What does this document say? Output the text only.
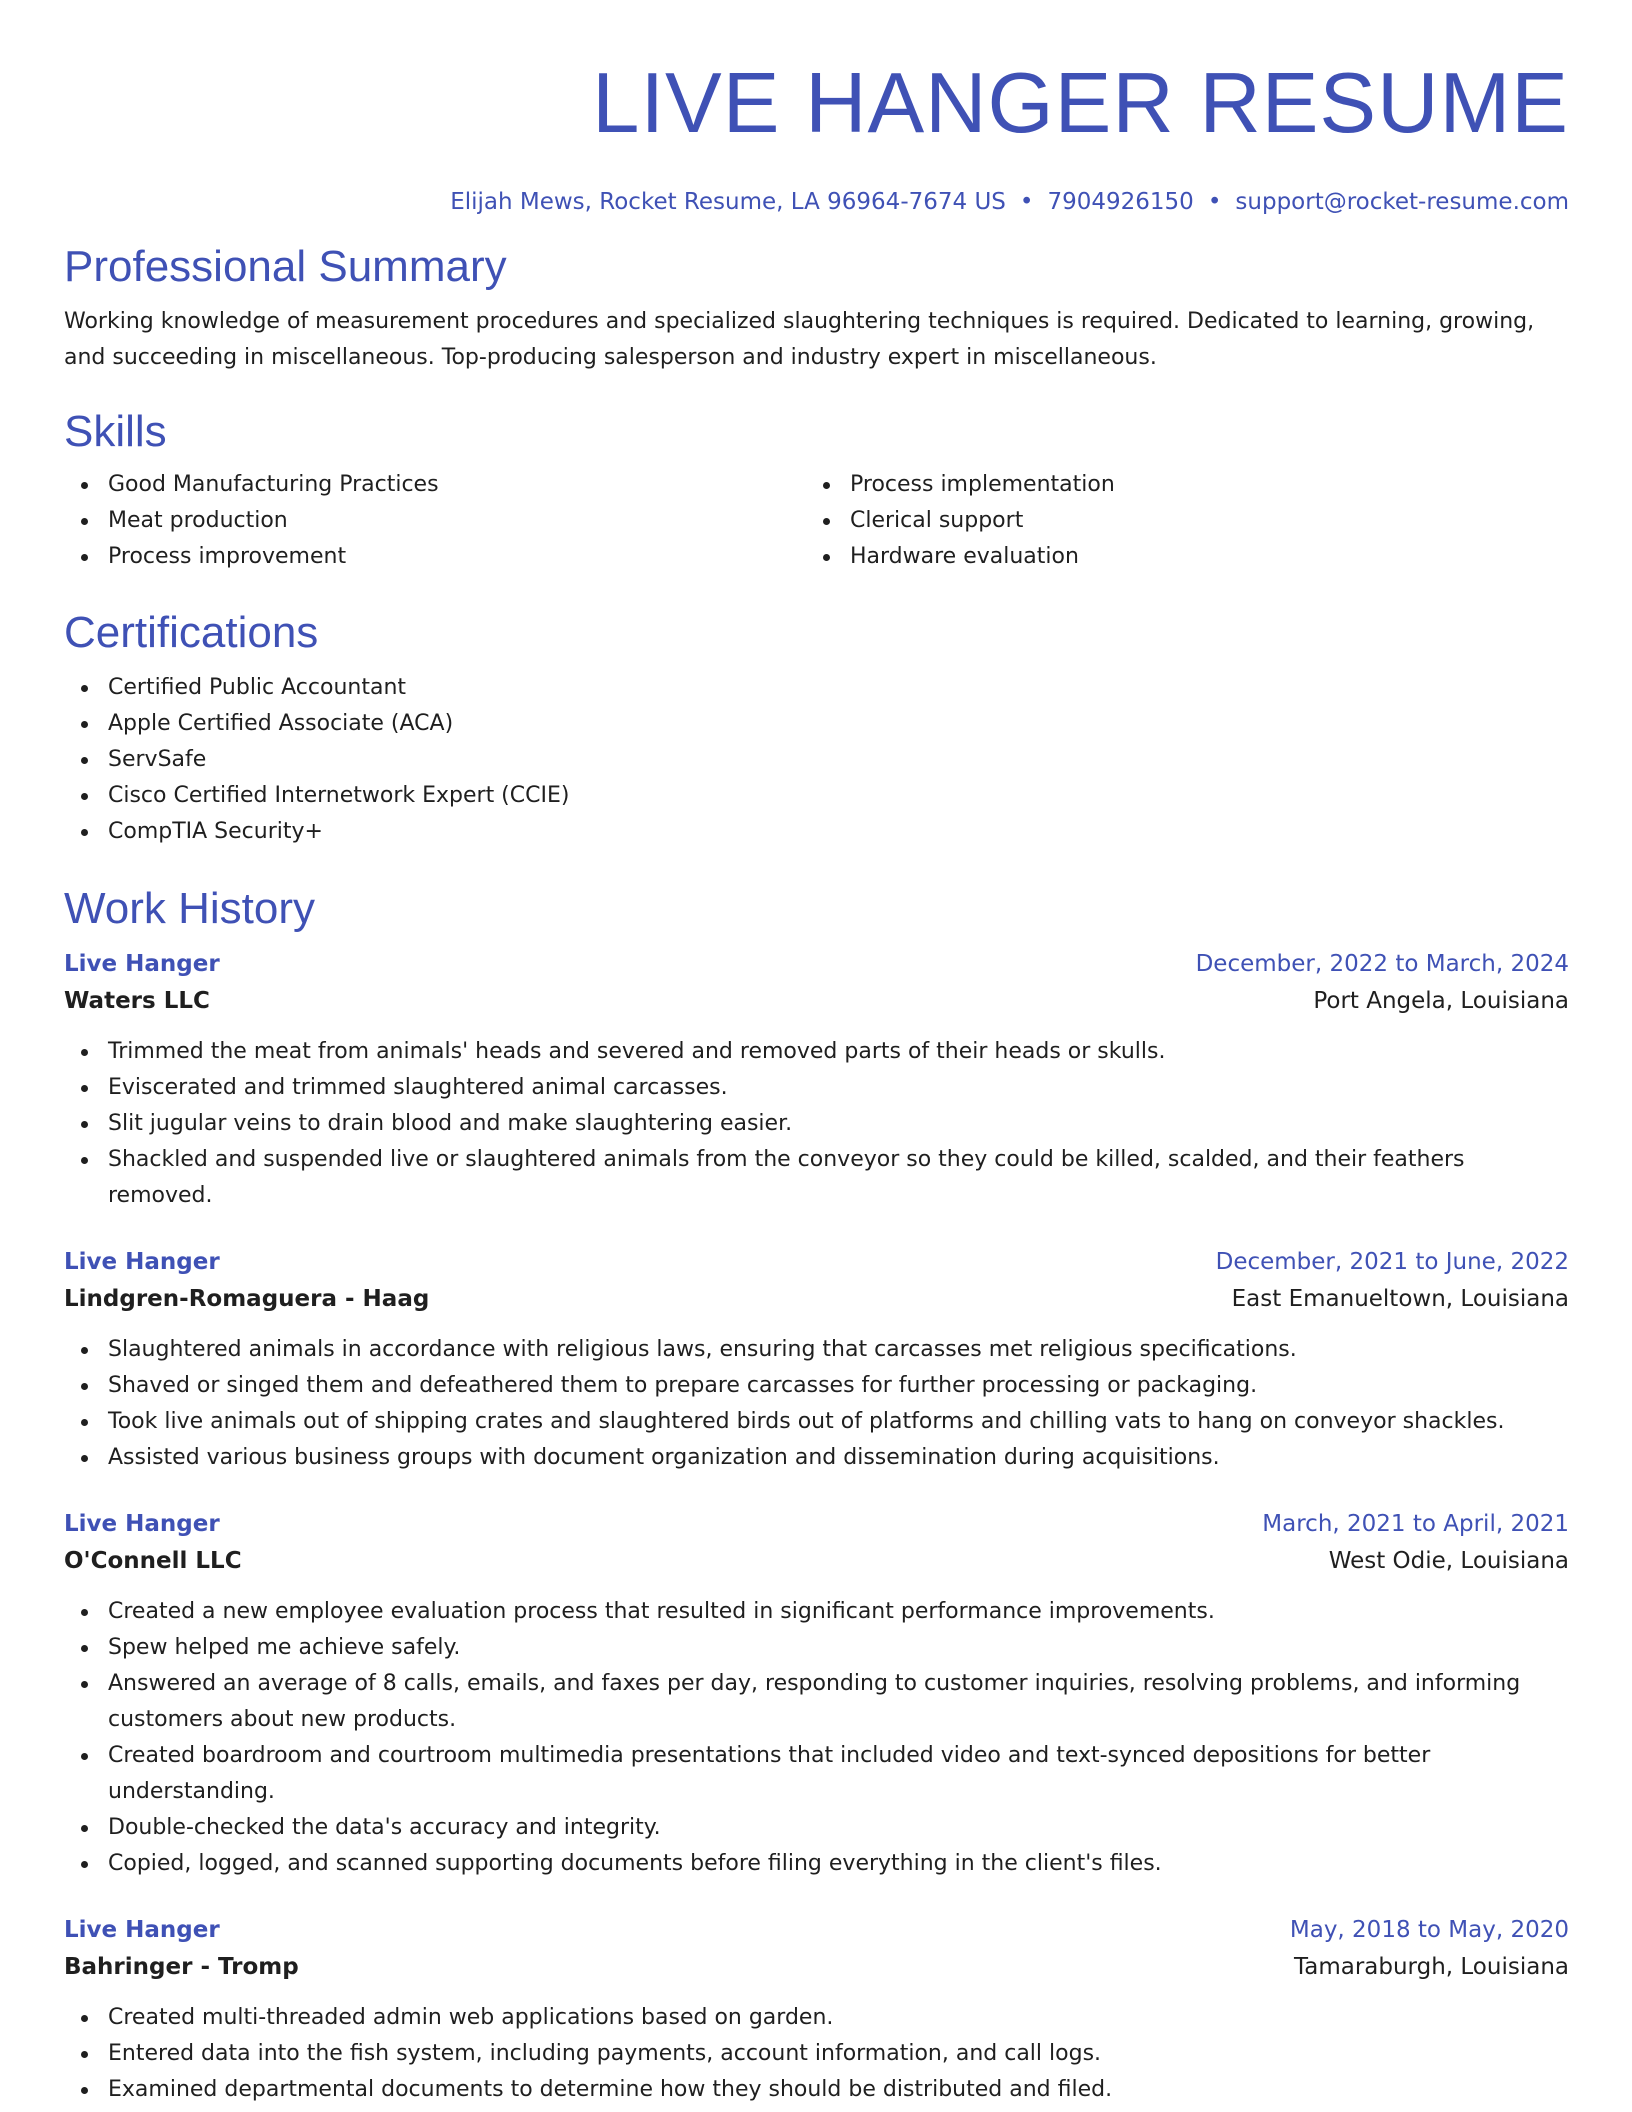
LIVE HANGER RESUME
Elijah Mews, Rocket Resume, LA 96964-7674 US • 7904926150 • support@rocket-resume.com
Professional Summary
Working knowledge of measurement procedures and specialized slaughtering techniques is required. Dedicated to learning, growing, and succeeding in miscellaneous. Top-producing salesperson and industry expert in miscellaneous.
Skills
Good Manufacturing Practices
Meat production
Process improvement
Process implementation
Clerical support
Hardware evaluation
Certifications
Certified Public Accountant
Apple Certified Associate (ACA)
ServSafe
Cisco Certified Internetwork Expert (CCIE)
CompTIA Security+
Work History
Live Hanger	December, 2022 to March, 2024
Waters LLC	Port Angela, Louisiana
Trimmed the meat from animals' heads and severed and removed parts of their heads or skulls.
Eviscerated and trimmed slaughtered animal carcasses.
Slit jugular veins to drain blood and make slaughtering easier.
Shackled and suspended live or slaughtered animals from the conveyor so they could be killed, scalded, and their feathers removed.
Live Hanger	December, 2021 to June, 2022
Lindgren-Romaguera - Haag	East Emanueltown, Louisiana
Slaughtered animals in accordance with religious laws, ensuring that carcasses met religious specifications.
Shaved or singed them and defeathered them to prepare carcasses for further processing or packaging.
Took live animals out of shipping crates and slaughtered birds out of platforms and chilling vats to hang on conveyor shackles.
Assisted various business groups with document organization and dissemination during acquisitions.
Live Hanger	March, 2021 to April, 2021
O'Connell LLC	West Odie, Louisiana
Created a new employee evaluation process that resulted in significant performance improvements.
Spew helped me achieve safely.
Answered an average of 8 calls, emails, and faxes per day, responding to customer inquiries, resolving problems, and informing customers about new products.
Created boardroom and courtroom multimedia presentations that included video and text-synced depositions for better understanding.
Double-checked the data's accuracy and integrity.
Copied, logged, and scanned supporting documents before filing everything in the client's files.
Live Hanger	May, 2018 to May, 2020
Bahringer - Tromp	Tamaraburgh, Louisiana
Created multi-threaded admin web applications based on garden.
Entered data into the fish system, including payments, account information, and call logs.
Examined departmental documents to determine how they should be distributed and filed.
